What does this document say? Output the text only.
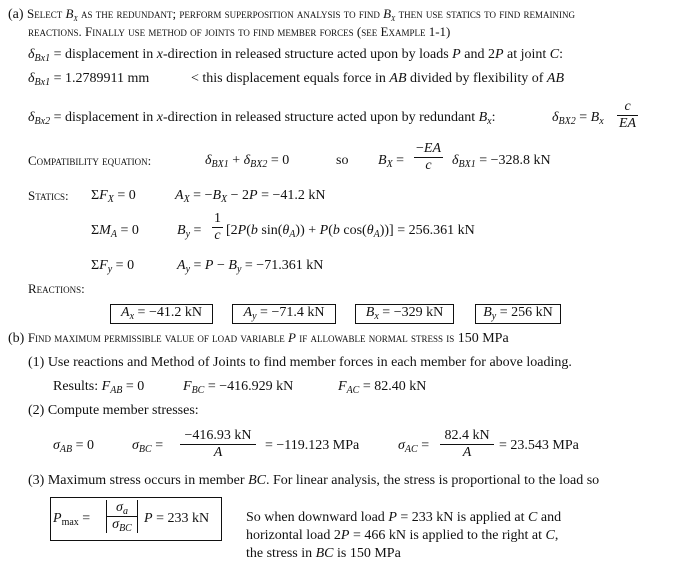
(a) Select $B_x$ as the redundant; perform superposition analysis to find $B_x$ then use statics to find remaining
reactions. Finally use method of joints to find member forces (see Example 1-1)
$\delta_{Bx1}$ = displacement in x-direction in released structure acted upon by loads P and 2P at joint C:
$\delta_{Bx1} = 1.2789911$ mm	< this displacement equals force in AB divided by flexibility of AB
$\delta_{Bx2}$ = displacement in x-direction in released structure acted upon by redundant $B_x$:	$\delta_{BX2} = B_x \frac{c}{EA}$
Compatibility equation:	$\delta_{BX1} + \delta_{BX2} = 0$	so $B_X = \frac{-EA}{c} \delta_{BX1} = -328.8$ kN
Statics: $\Sigma F_X = 0$	$A_X = -B_X - 2P = -41.2$ kN
$\Sigma M_A = 0$	$B_y = \frac{1}{c} [2P(b$ $\sin(\theta_A)) + P(b$ $\cos(\theta_A))] = 256.361$ kN
$\Sigma F_y = 0$	$A_y = P - B_y = -71.361$ kN
Reactions:
$A_x = -41.2$ kN	$A_y = -71.4$ kN	$B_x = -329$ kN	$B_y = 256$ kN
(b) Find maximum permissible value of load variable P if allowable normal stress is 150 MPa
(1) Use reactions and Method of Joints to find member forces in each member for above loading.
Results: $F_{AB} = 0$	$F_{BC} = -416.929$ kN	$F_{AC} = 82.40$ kN
(2) Compute member stresses:
$\sigma_{AB} = 0$	$\sigma_{BC} = \frac{-416.93 kN}{A} = -119.123$ MPa	$\sigma_{AC} = \frac{82.4 kN}{A} = 23.543$ MPa
(3) Maximum stress occurs in member BC. For linear analysis, the stress is proportional to the load so
$P_{max}$ =
$\sigma_a$
$\sigma_{BC}$
P = 233 kN	So when downward load P = 233 kN is applied at C and
horizontal load 2P = 466 kN is applied to the right at C,
the stress in BC is 150 MPa
